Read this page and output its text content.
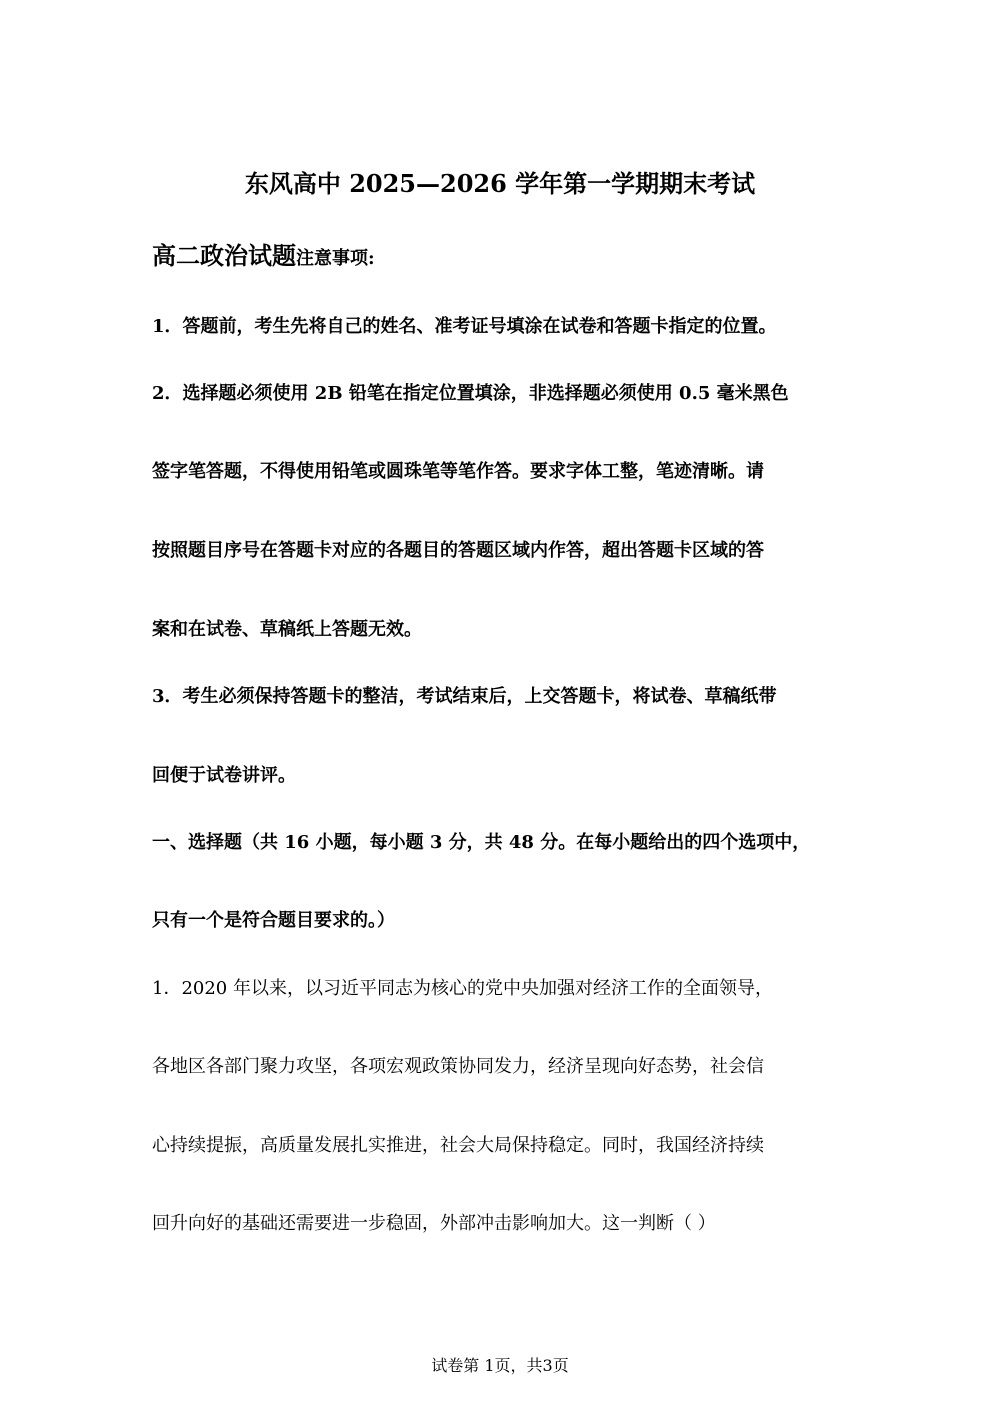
东风高中 2025—2026 学年第一学期期末考试
高二政治试题注意事项:
1．答题前，考生先将自己的姓名、准考证号填涂在试卷和答题卡指定的位置。
2．选择题必须使用 2B 铅笔在指定位置填涂，非选择题必须使用 0.5 毫米黑色
签字笔答题，不得使用铅笔或圆珠笔等笔作答。要求字体工整，笔迹清晰。请
按照题目序号在答题卡对应的各题目的答题区域内作答，超出答题卡区域的答
案和在试卷、草稿纸上答题无效。
3．考生必须保持答题卡的整洁，考试结束后，上交答题卡，将试卷、草稿纸带
回便于试卷讲评。
一、选择题（共 16 小题，每小题 3 分，共 48 分。在每小题给出的四个选项中，
只有一个是符合题目要求的。）
1．2020 年以来，以习近平同志为核心的党中央加强对经济工作的全面领导，
各地区各部门聚力攻坚，各项宏观政策协同发力，经济呈现向好态势，社会信
心持续提振，高质量发展扎实推进，社会大局保持稳定。同时，我国经济持续
回升向好的基础还需要进一步稳固，外部冲击影响加大。这一判断（ ）
试卷第 1页，共3页
